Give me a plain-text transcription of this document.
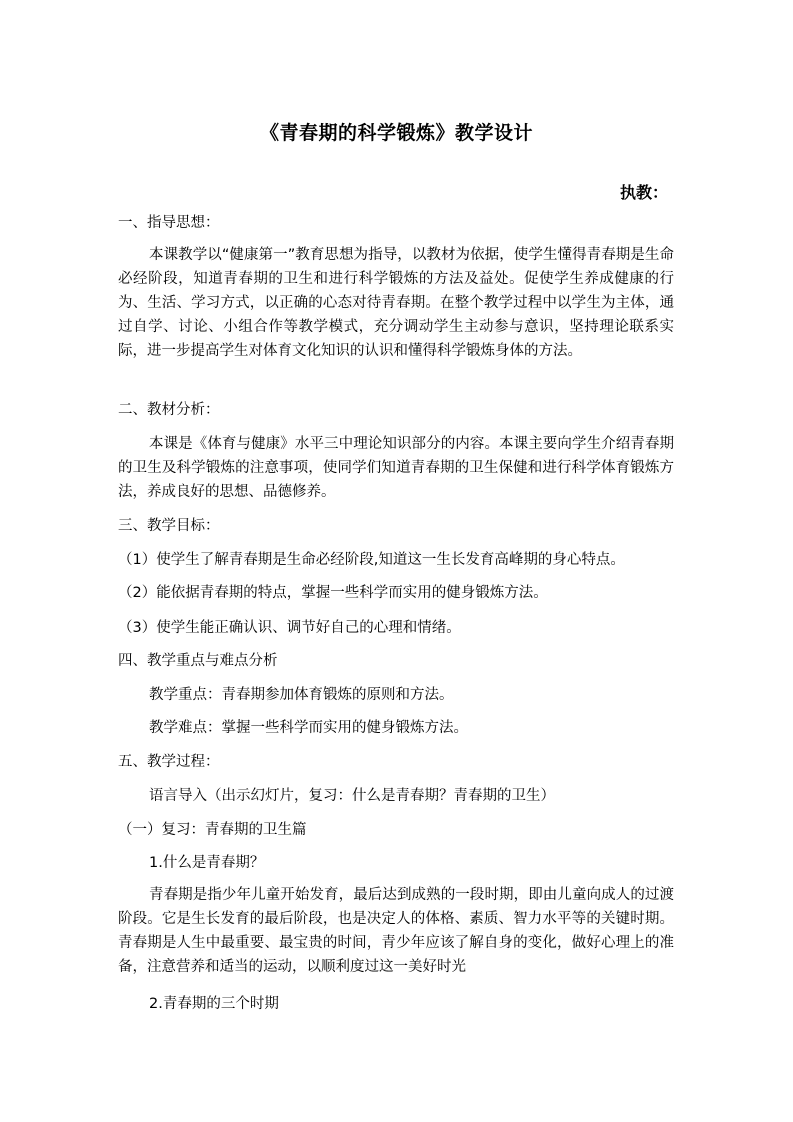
《青春期的科学锻炼》教学设计
执教：
一、指导思想：
本课教学以“健康第一”教育思想为指导，以教材为依据，使学生懂得青春期是生命必经阶段，知道青春期的卫生和进行科学锻炼的方法及益处。促使学生养成健康的行为、生活、学习方式，以正确的心态对待青春期。在整个教学过程中以学生为主体，通过自学、讨论、小组合作等教学模式，充分调动学生主动参与意识，坚持理论联系实际，进一步提高学生对体育文化知识的认识和懂得科学锻炼身体的方法。
二、教材分析：
本课是《体育与健康》水平三中理论知识部分的内容。本课主要向学生介绍青春期的卫生及科学锻炼的注意事项，使同学们知道青春期的卫生保健和进行科学体育锻炼方法，养成良好的思想、品德修养。
三、教学目标：
（1）使学生了解青春期是生命必经阶段,知道这一生长发育高峰期的身心特点。
（2）能依据青春期的特点，掌握一些科学而实用的健身锻炼方法。
（3）使学生能正确认识、调节好自己的心理和情绪。
四、教学重点与难点分析
教学重点：青春期参加体育锻炼的原则和方法。
教学难点：掌握一些科学而实用的健身锻炼方法。
五、教学过程：
语言导入（出示幻灯片，复习：什么是青春期？青春期的卫生）
（一）复习：青春期的卫生篇
1.什么是青春期？
青春期是指少年儿童开始发育，最后达到成熟的一段时期，即由儿童向成人的过渡阶段。它是生长发育的最后阶段，也是决定人的体格、素质、智力水平等的关键时期。 青春期是人生中最重要、最宝贵的时间，青少年应该了解自身的变化，做好心理上的准备，注意营养和适当的运动，以顺利度过这一美好时光
2.青春期的三个时期
